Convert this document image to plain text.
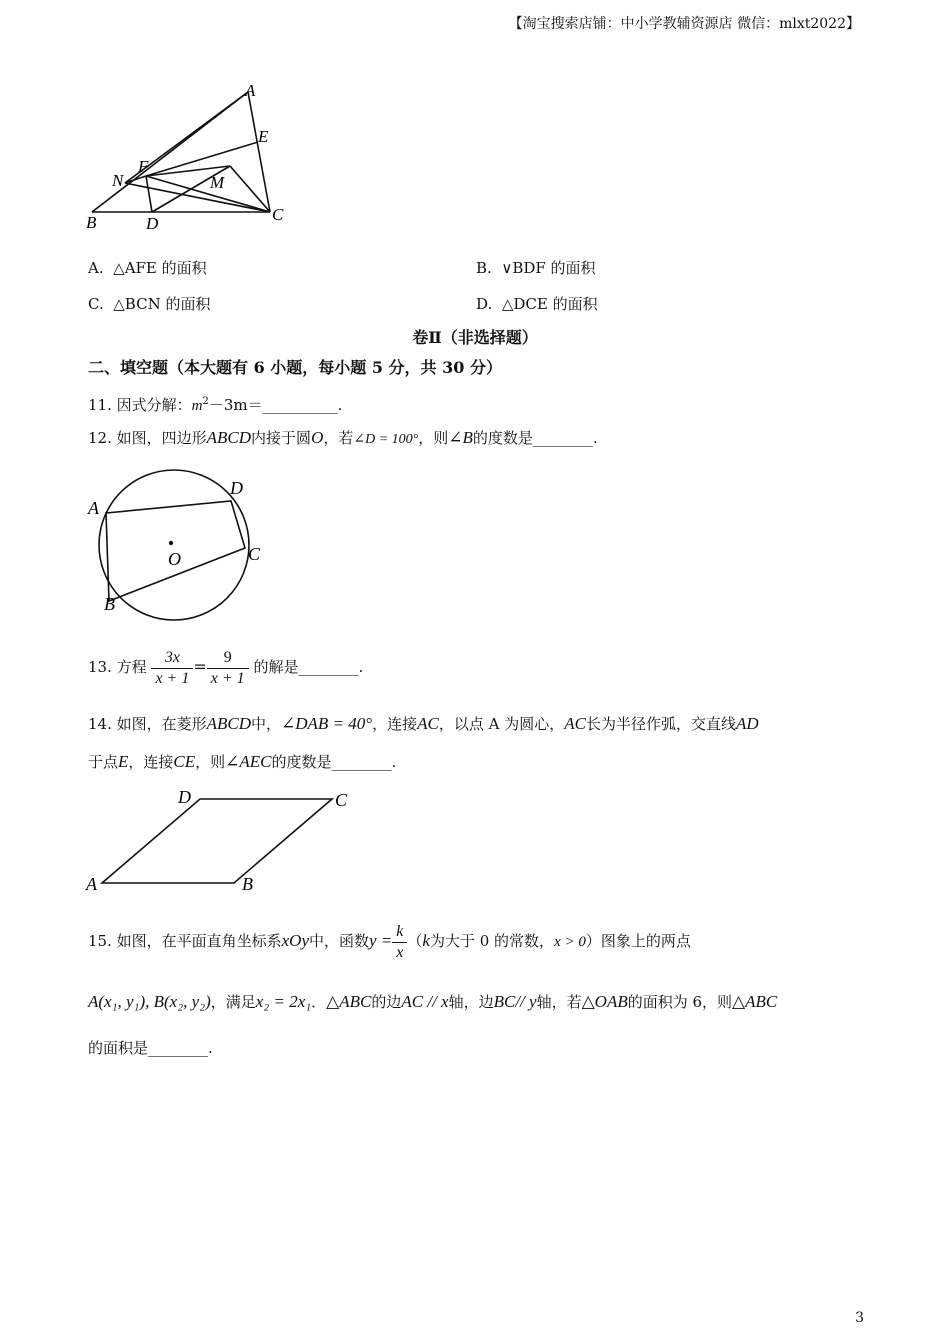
【淘宝搜索店铺：中小学教辅资源店 微信：mlxt2022】
A
E
F
N	M
B	D	C
A. △AFE 的面积	B. ∨BDF 的面积
C. △BCN 的面积	D. △DCE 的面积
卷Ⅱ（非选择题）
二、填空题（本大题有 6 小题，每小题 5 分，共 30 分）
11. 因式分解：$m^2-3m=\_\_\_\_\_\_\_\_\_\_$.
12. 如图，四边形ABCD内接于圆O，若∠D = 100°，则∠B的度数是________.
A
D
O	C
B
13. 方程 $\frac{3x}{x + 1} = \frac{9}{x + 1}$ 的解是________.
14. 如图，在菱形ABCD中，∠DAB = 40°，连接AC，以点 A 为圆心，AC长为半径作弧，交直线AD
于点E，连接CE，则∠AEC的度数是________.
D	C
A	B
15. 如图，在平面直角坐标系xOy中，函数$y = \frac{k}{x} (k$为大于 0 的常数，x > 0）图象上的两点
A(x₁, y₁), B(x₂, y₂)，满足x₂ = 2x₁．△ABC的边AC // x轴，边BC// y轴，若△OAB的面积为 6，则△ABC
的面积是________.
3
